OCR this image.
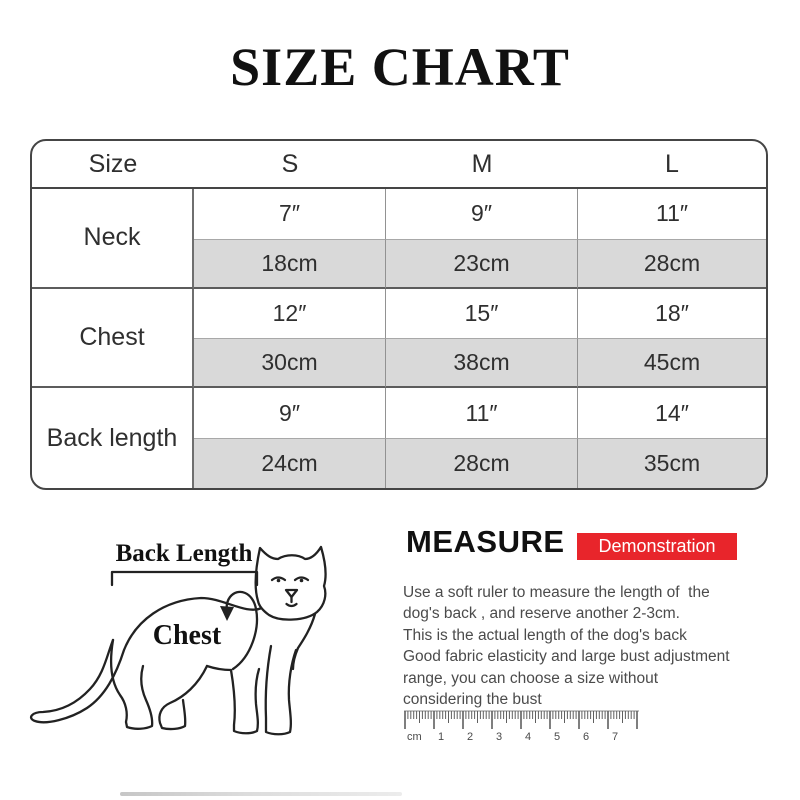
SIZE CHART
Size	S	M	L
Neck
7″	9″	11″
18cm	23cm	28cm
Chest
12″	15″	18″
30cm	38cm	45cm
Back length
9″	11″	14″
24cm	28cm	35cm
Back Length
Chest
MEASURE	Demonstration
Use a soft ruler to measure the length of  the
dog's back , and reserve another 2-3cm.
This is the actual length of the dog's back
Good fabric elasticity and large bust adjustment
range, you can choose a size without
considering the bust
cm 1 2 3 4 5 6 7
